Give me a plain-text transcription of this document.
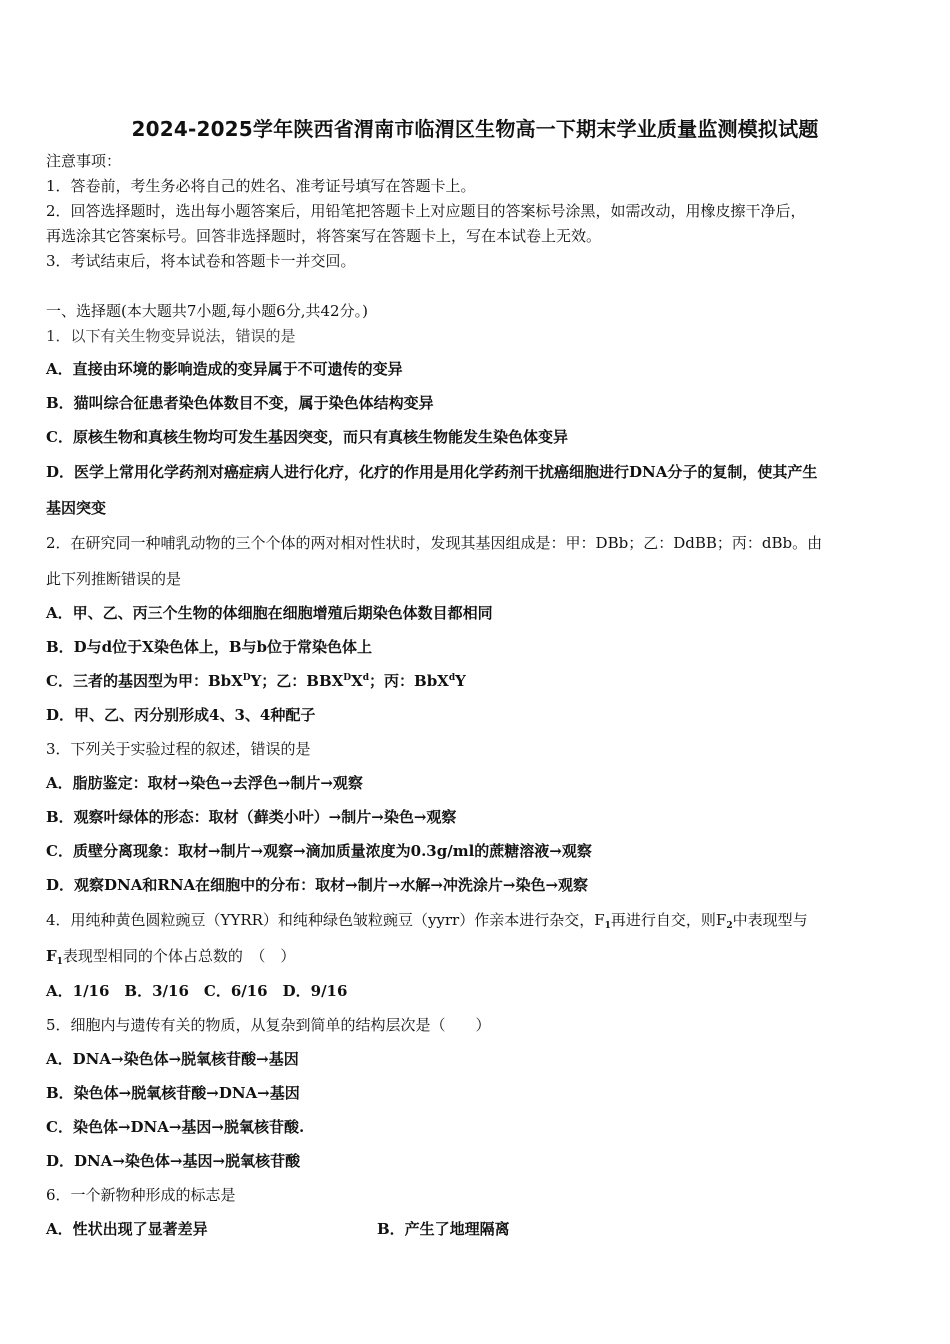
2024-2025学年陕西省渭南市临渭区生物高一下期末学业质量监测模拟试题
注意事项：
1．答卷前，考生务必将自己的姓名、准考证号填写在答题卡上。
2．回答选择题时，选出每小题答案后，用铅笔把答题卡上对应题目的答案标号涂黑，如需改动，用橡皮擦干净后，
再选涂其它答案标号。回答非选择题时，将答案写在答题卡上，写在本试卷上无效。
3．考试结束后，将本试卷和答题卡一并交回。
一、选择题(本大题共7小题,每小题6分,共42分。)
1．以下有关生物变异说法，错误的是
A．直接由环境的影响造成的变异属于不可遗传的变异
B．猫叫综合征患者染色体数目不变，属于染色体结构变异
C．原核生物和真核生物均可发生基因突变，而只有真核生物能发生染色体变异
D．医学上常用化学药剂对癌症病人进行化疗，化疗的作用是用化学药剂干扰癌细胞进行DNA分子的复制，使其产生
基因突变
2．在研究同一种哺乳动物的三个个体的两对相对性状时，发现其基因组成是：甲：DBb；乙：DdBB；丙：dBb。由
此下列推断错误的是
A．甲、乙、丙三个生物的体细胞在细胞增殖后期染色体数目都相同
B．D与d位于X染色体上，B与b位于常染色体上
C．三者的基因型为甲：BbX$^D$Y；乙：$BBX^DX^d$；丙：BbX$^d$Y
D．甲、乙、丙分别形成4、3、4种配子
3．下列关于实验过程的叙述，错误的是
A．脂肪鉴定：取材→染色→去浮色→制片→观察
B．观察叶绿体的形态：取材（藓类小叶）→制片→染色→观察
C．质壁分离现象：取材→制片→观察→滴加质量浓度为0.3g/ml的蔗糖溶液→观察
D．观察DNA和RNA在细胞中的分布：取材→制片→水解→冲洗涂片→染色→观察
4．用纯种黄色圆粒豌豆（YYRR）和纯种绿色皱粒豌豆（yyrr）作亲本进行杂交，$F_1$再进行自交，则$F_2$中表现型与
$F_1$表现型相同的个体占总数的　（　）
A．1/16　B．3/16　C．6/16　D．9/16
5．细胞内与遗传有关的物质，从复杂到简单的结构层次是（　　）
A．DNA→染色体→脱氧核苷酸→基因
B．染色体→脱氧核苷酸→DNA→基因
C．染色体→DNA→基因→脱氧核苷酸.
D．DNA→染色体→基因→脱氧核苷酸
6．一个新物种形成的标志是
A．性状出现了显著差异	B．产生了地理隔离
